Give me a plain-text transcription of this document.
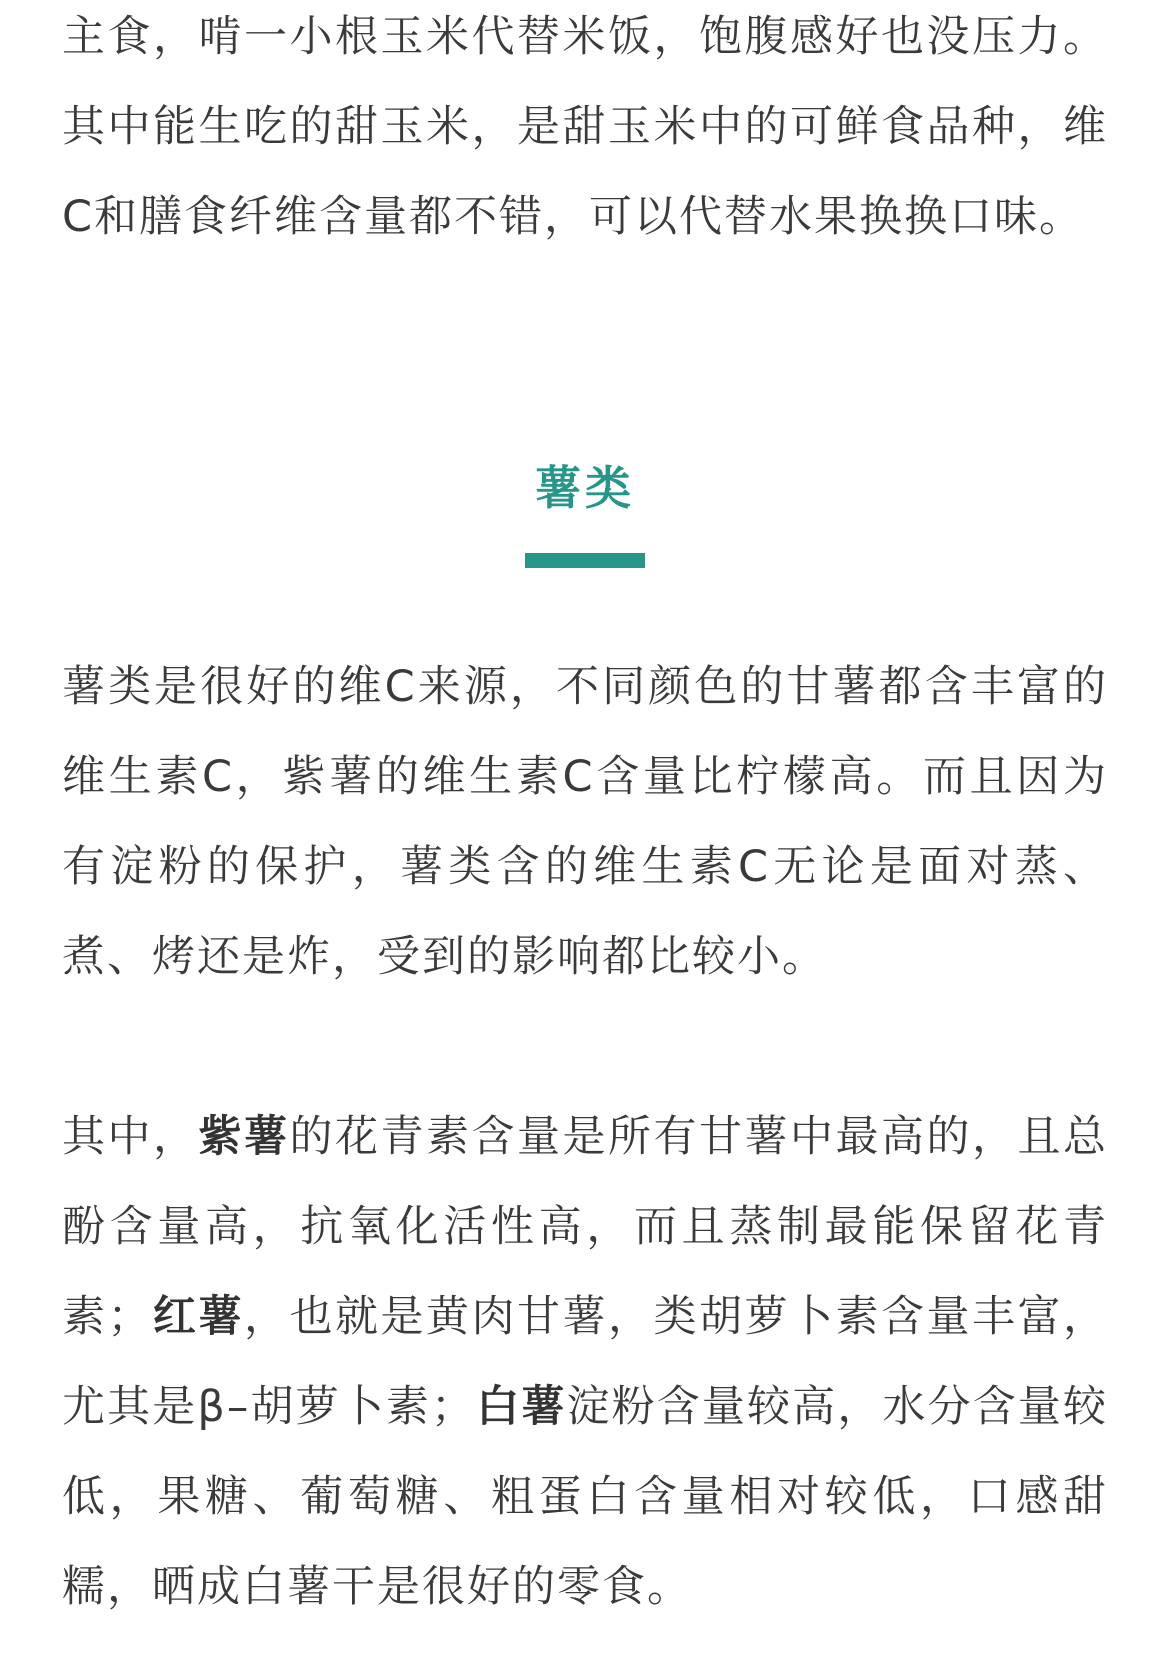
主食，啃一小根玉米代替米饭，饱腹感好也没压力。其中能生吃的甜玉米，是甜玉米中的可鲜食品种，维C和膳食纤维含量都不错，可以代替水果换换口味。

薯类

薯类是很好的维C来源，不同颜色的甘薯都含丰富的维生素C，紫薯的维生素C含量比柠檬高。而且因为有淀粉的保护，薯类含的维生素C无论是面对蒸、煮、烤还是炸，受到的影响都比较小。

其中，紫薯的花青素含量是所有甘薯中最高的，且总酚含量高，抗氧化活性高，而且蒸制最能保留花青素；红薯，也就是黄肉甘薯，类胡萝卜素含量丰富，尤其是β–胡萝卜素；白薯淀粉含量较高，水分含量较低，果糖、葡萄糖、粗蛋白含量相对较低，口感甜糯，晒成白薯干是很好的零食。
